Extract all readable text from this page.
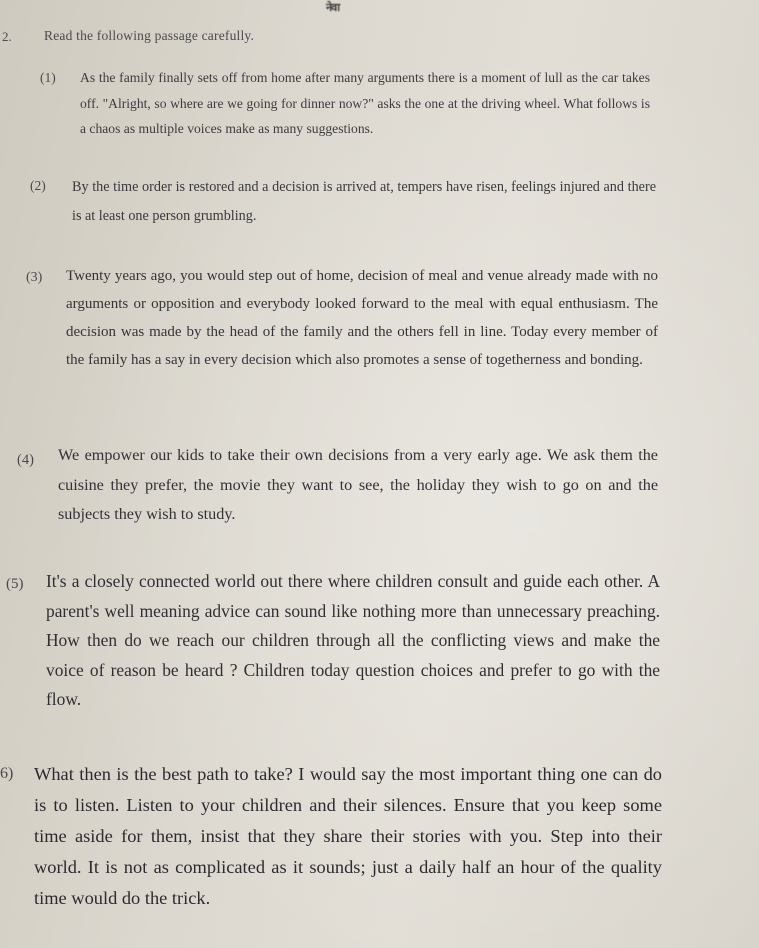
नेवा
2. Read the following passage carefully.
(1) As the family finally sets off from home after many arguments there is a moment of lull as the car takes off. "Alright, so where are we going for dinner now?" asks the one at the driving wheel. What follows is a chaos as multiple voices make as many suggestions.

(2) By the time order is restored and a decision is arrived at, tempers have risen, feelings injured and there is at least one person grumbling.

(3) Twenty years ago, you would step out of home, decision of meal and venue already made with no arguments or opposition and everybody looked forward to the meal with equal enthusiasm. The decision was made by the head of the family and the others fell in line. Today every member of the family has a say in every decision which also promotes a sense of togetherness and bonding.

(4) We empower our kids to take their own decisions from a very early age. We ask them the cuisine they prefer, the movie they want to see, the holiday they wish to go on and the subjects they wish to study.

(5) It's a closely connected world out there where children consult and guide each other. A parent's well meaning advice can sound like nothing more than unnecessary preaching. How then do we reach our children through all the conflicting views and make the voice of reason be heard ? Children today question choices and prefer to go with the flow.

6) What then is the best path to take? I would say the most important thing one can do is to listen. Listen to your children and their silences. Ensure that you keep some time aside for them, insist that they share their stories with you. Step into their world. It is not as complicated as it sounds; just a daily half an hour of the quality time would do the trick.
